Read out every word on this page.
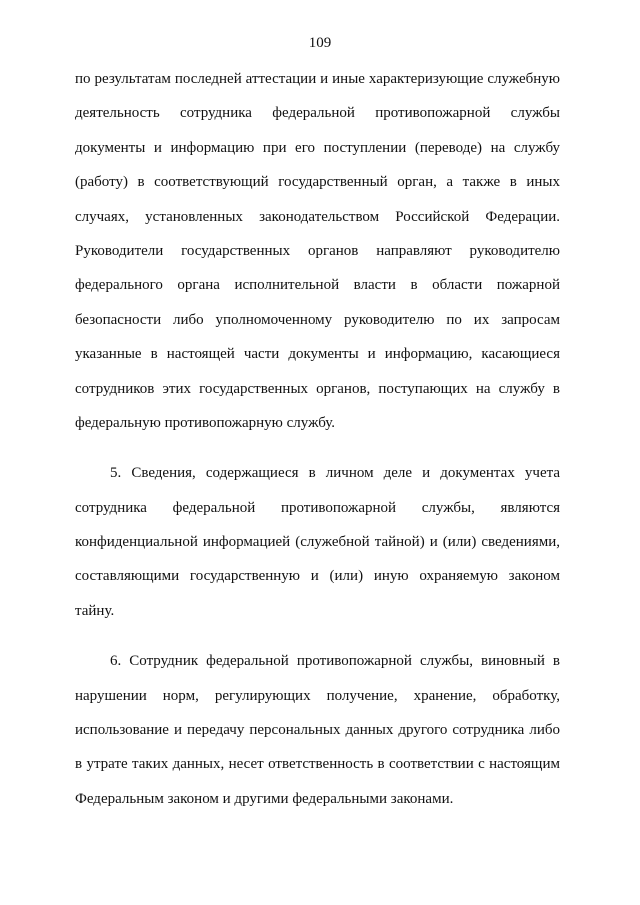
109
по результатам последней аттестации и иные характеризующие служебную
деятельность сотрудника федеральной противопожарной службы
документы и информацию при его поступлении (переводе) на службу
(работу) в соответствующий государственный орган, а также в иных
случаях, установленных законодательством Российской Федерации.
Руководители государственных органов направляют руководителю
федерального органа исполнительной власти в области пожарной
безопасности либо уполномоченному руководителю по их запросам
указанные в настоящей части документы и информацию, касающиеся
сотрудников этих государственных органов, поступающих на службу в
федеральную противопожарную службу.
5. Сведения, содержащиеся в личном деле и документах учета
сотрудника федеральной противопожарной службы, являются
конфиденциальной информацией (служебной тайной) и (или) сведениями,
составляющими государственную и (или) иную охраняемую законом
тайну.
6. Сотрудник федеральной противопожарной службы, виновный в
нарушении норм, регулирующих получение, хранение, обработку,
использование и передачу персональных данных другого сотрудника либо
в утрате таких данных, несет ответственность в соответствии с настоящим
Федеральным законом и другими федеральными законами.
